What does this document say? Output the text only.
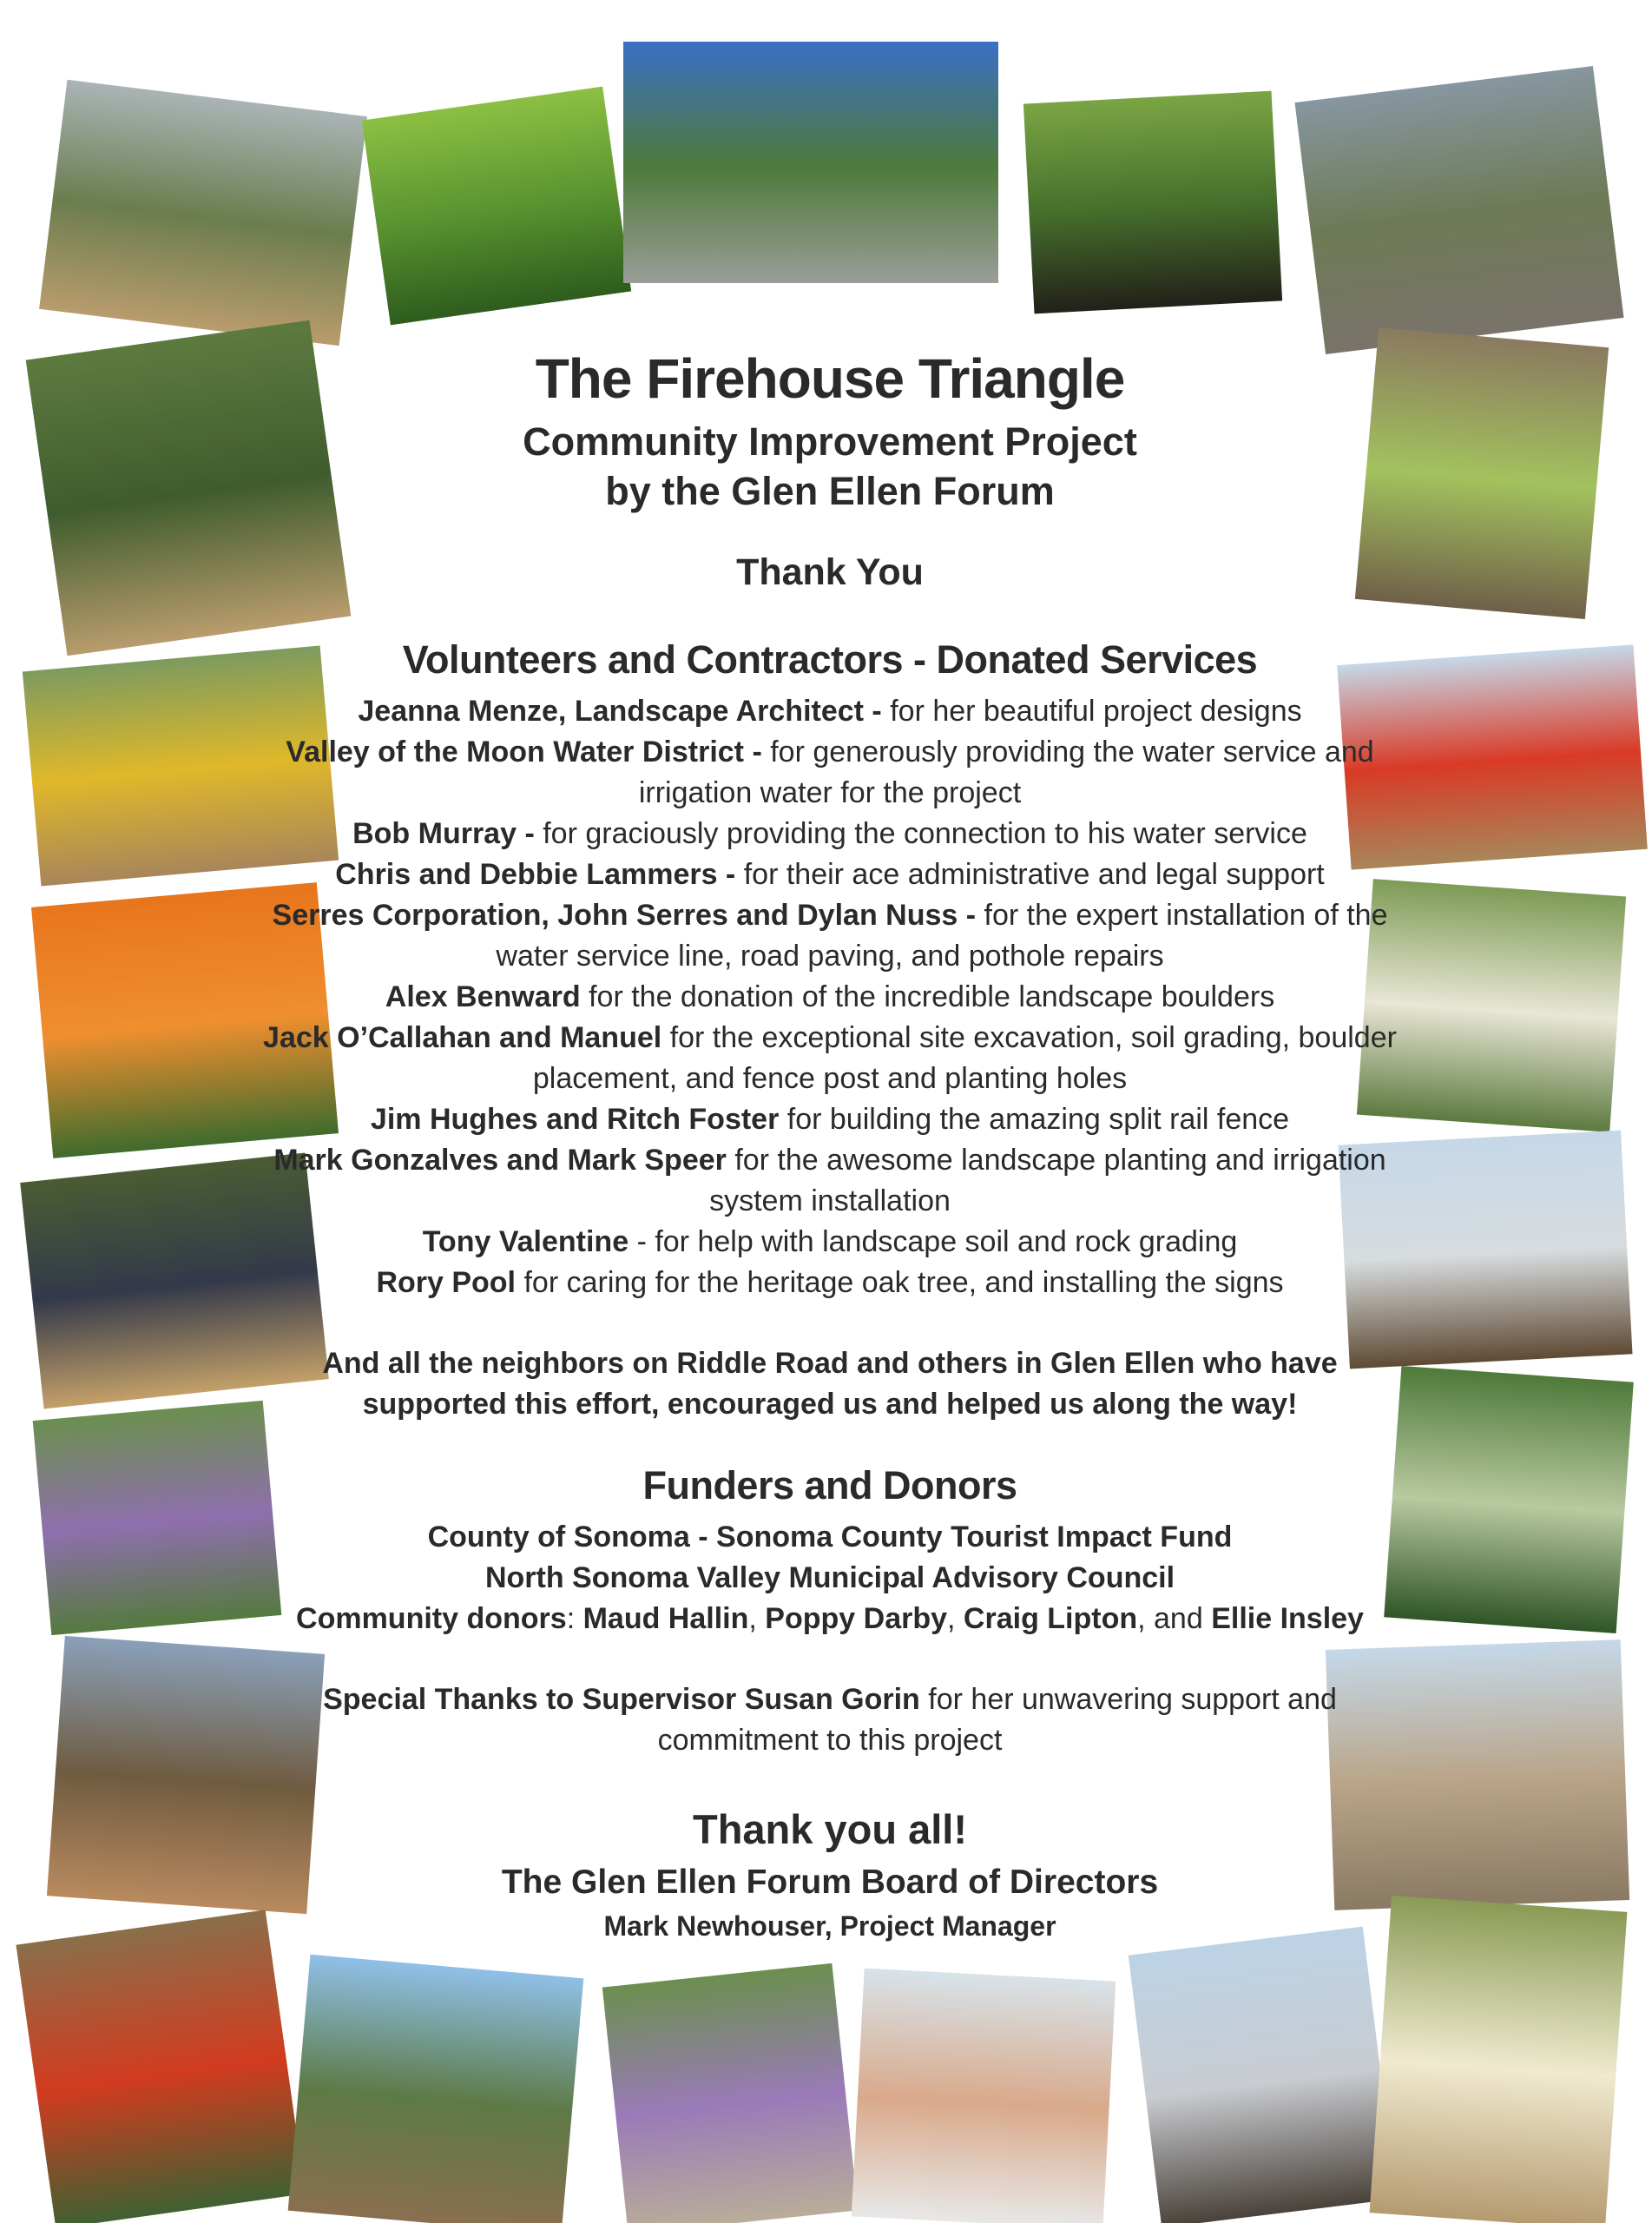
The Firehouse Triangle
Community Improvement Project
by the Glen Ellen Forum
Thank You
Volunteers and Contractors - Donated Services
Jeanna Menze, Landscape Architect - for her beautiful project designs
Valley of the Moon Water District - for generously providing the water service and irrigation water for the project
Bob Murray - for graciously providing the connection to his water service
Chris and Debbie Lammers - for their ace administrative and legal support
Serres Corporation, John Serres and Dylan Nuss - for the expert installation of the water service line, road paving, and pothole repairs
Alex Benward for the donation of the incredible landscape boulders
Jack O’Callahan and Manuel for the exceptional site excavation, soil grading, boulder placement, and fence post and planting holes
Jim Hughes and Ritch Foster for building the amazing split rail fence
Mark Gonzalves and Mark Speer for the awesome landscape planting and irrigation system installation
Tony Valentine - for help with landscape soil and rock grading
Rory Pool for caring for the heritage oak tree, and installing the signs
And all the neighbors on Riddle Road and others in Glen Ellen who have supported this effort, encouraged us and helped us along the way!
Funders and Donors
County of Sonoma - Sonoma County Tourist Impact Fund
North Sonoma Valley Municipal Advisory Council
Community donors: Maud Hallin, Poppy Darby, Craig Lipton, and Ellie Insley
Special Thanks to Supervisor Susan Gorin for her unwavering support and commitment to this project
Thank you all!
The Glen Ellen Forum Board of Directors
Mark Newhouser, Project Manager
